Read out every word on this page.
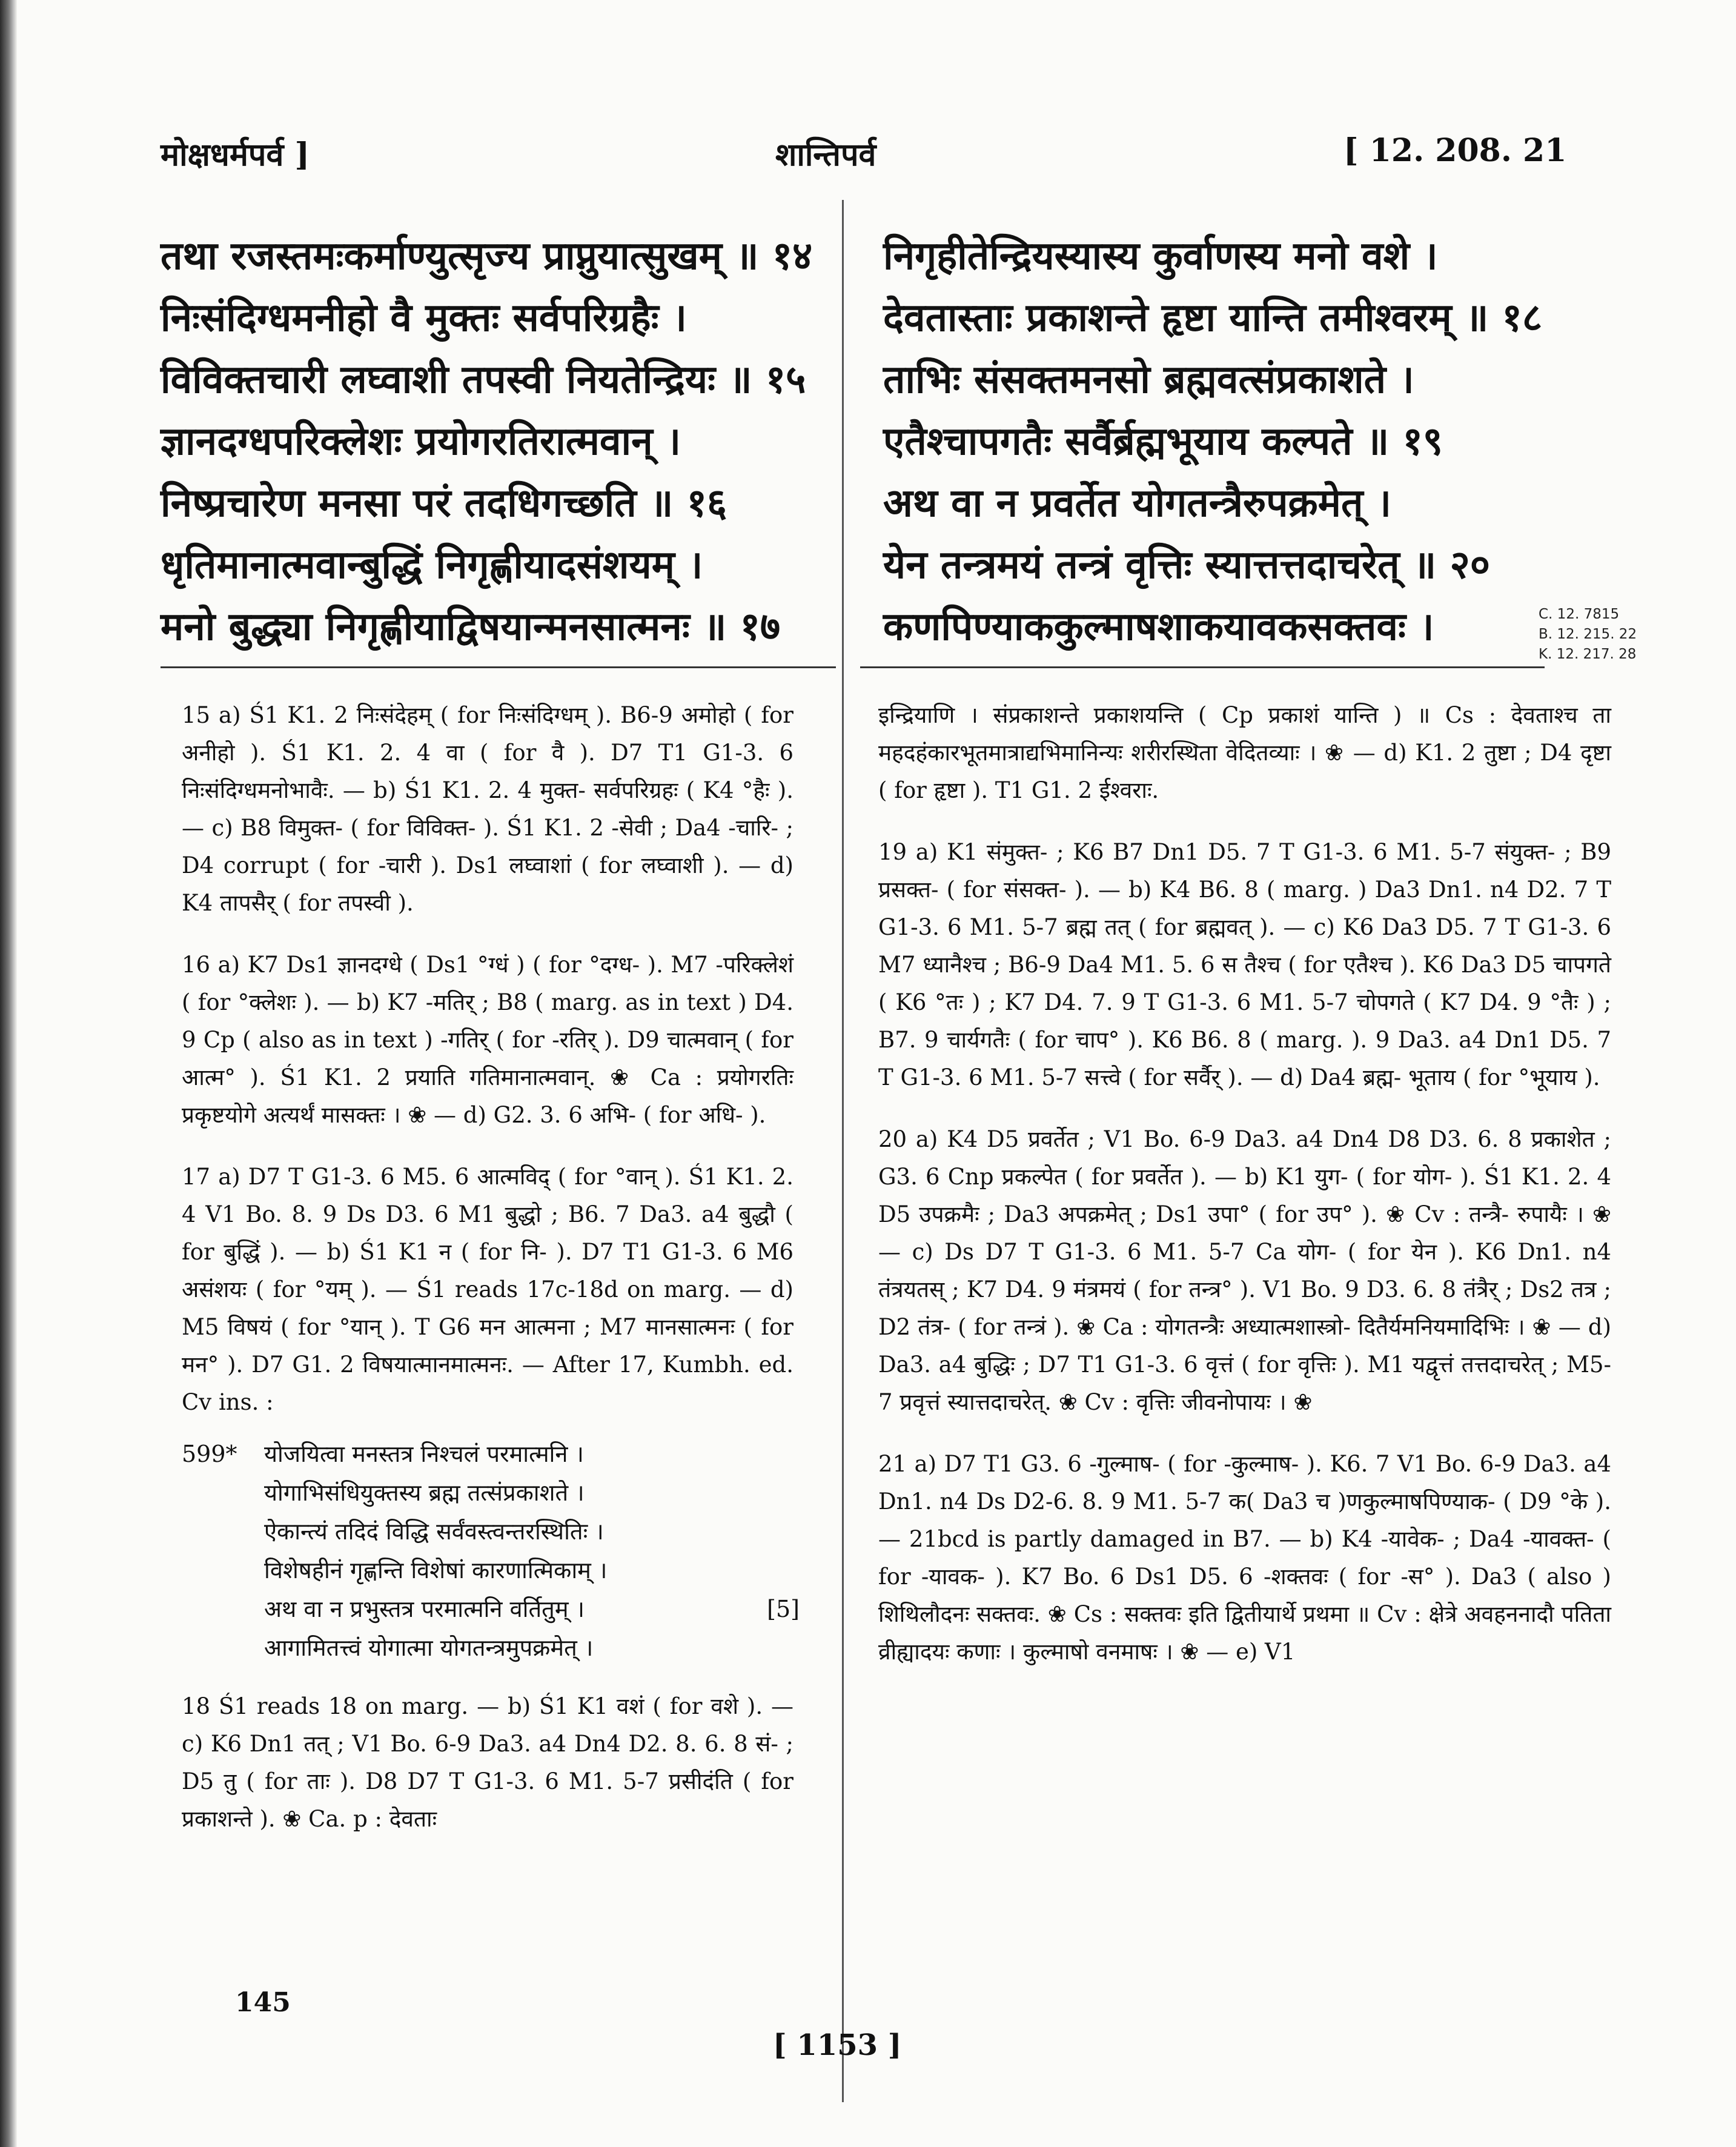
मोक्षधर्मपर्व ]	शान्तिपर्व	[ 12. 208. 21
तथा रजस्तमःकर्माण्युत्सृज्य प्राप्नुयात्सुखम् ॥ १४
निःसंदिग्धमनीहो वै मुक्तः सर्वपरिग्रहैः ।
विविक्तचारी लघ्वाशी तपस्वी नियतेन्द्रियः ॥ १५
ज्ञानदग्धपरिक्लेशः प्रयोगरतिरात्मवान् ।
निष्प्रचारेण मनसा परं तदधिगच्छति ॥ १६
धृतिमानात्मवान्बुद्धिं निगृह्णीयादसंशयम् ।
मनो बुद्ध्या निगृह्णीयाद्विषयान्मनसात्मनः ॥ १७
निगृहीतेन्द्रियस्यास्य कुर्वाणस्य मनो वशे ।
देवतास्ताः प्रकाशन्ते हृष्टा यान्ति तमीश्वरम् ॥ १८
ताभिः संसक्तमनसो ब्रह्मवत्संप्रकाशते ।
एतैश्चापगतैः सर्वैर्ब्रह्मभूयाय कल्पते ॥ १९
अथ वा न प्रवर्तेत योगतन्त्रैरुपक्रमेत् ।
येन तन्त्रमयं तन्त्रं वृत्तिः स्यात्तत्तदाचरेत् ॥ २०
कणपिण्याककुल्माषशाकयावकसक्तवः ।	C. 12. 7815
B. 12. 215. 22
K. 12. 217. 28
15 a) Ś1 K1. 2 निःसंदेहम् ( for निःसंदिग्धम् ). B6-9 अमोहो ( for अनीहो ). Ś1 K1. 2. 4 वा ( for वै ). D7 T1 G1-3. 6 निःसंदिग्धमनोभावैः. — b) Ś1 K1. 2. 4 मुक्त- सर्वपरिग्रहः ( K4 °हैः ). — c) B8 विमुक्त- ( for विविक्त- ). Ś1 K1. 2 -सेवी ; Da4 -चारि- ; D4 corrupt ( for -चारी ). Ds1 लघ्वाशां ( for लघ्वाशी ). — d) K4 तापसैर् ( for तपस्वी ).
16 a) K7 Ds1 ज्ञानदग्धे ( Ds1 °ग्धं ) ( for °दग्ध- ). M7 -परिक्लेशं ( for °क्लेशः ). — b) K7 -मतिर् ; B8 ( marg. as in text ) D4. 9 Cp ( also as in text ) -गतिर् ( for -रतिर् ). D9 चात्मवान् ( for आत्म° ). Ś1 K1. 2 प्रयाति गतिमानात्मवान्. ❀ Ca : प्रयोगरतिः प्रकृष्टयोगे अत्यर्थं मासक्तः । ❀ — d) G2. 3. 6 अभि- ( for अधि- ).
17 a) D7 T G1-3. 6 M5. 6 आत्मविद् ( for °वान् ). Ś1 K1. 2. 4 V1 Bo. 8. 9 Ds D3. 6 M1 बुद्धो ; B6. 7 Da3. a4 बुद्धौ ( for बुद्धिं ). — b) Ś1 K1 न ( for नि- ). D7 T1 G1-3. 6 M6 असंशयः ( for °यम् ). — Ś1 reads 17c-18d on marg. — d) M5 विषयं ( for °यान् ). T G6 मन आत्मना ; M7 मानसात्मनः ( for मन° ). D7 G1. 2 विषयात्मानमात्मनः. — After 17, Kumbh. ed. Cv ins. :
599* योजयित्वा मनस्तत्र निश्चलं परमात्मनि ।
योगाभिसंधियुक्तस्य ब्रह्म तत्संप्रकाशते ।
ऐकान्त्यं तदिदं विद्धि सर्वंवस्त्वन्तरस्थितिः ।
विशेषहीनं गृह्णन्ति विशेषां कारणात्मिकाम् ।
अथ वा न प्रभुस्तत्र परमात्मनि वर्तितुम् ।	[5]
आगामितत्त्वं योगात्मा योगतन्त्रमुपक्रमेत् ।
18 Ś1 reads 18 on marg. — b) Ś1 K1 वशं ( for वशे ). — c) K6 Dn1 तत् ; V1 Bo. 6-9 Da3. a4 Dn4 D2. 8. 6. 8 सं- ; D5 तु ( for ताः ). D8 D7 T G1-3. 6 M1. 5-7 प्रसीदंति ( for प्रकाशन्ते ). ❀ Ca. p : देवताः
इन्द्रियाणि । संप्रकाशन्ते प्रकाशयन्ति ( Cp प्रकाशं यान्ति ) ॥ Cs : देवताश्च ता महदहंकारभूतमात्राद्यभिमानिन्यः शरीरस्थिता वेदितव्याः । ❀ — d) K1. 2 तुष्टा ; D4 दृष्टा ( for हृष्टा ). T1 G1. 2 ईश्वराः.
19 a) K1 संमुक्त- ; K6 B7 Dn1 D5. 7 T G1-3. 6 M1. 5-7 संयुक्त- ; B9 प्रसक्त- ( for संसक्त- ). — b) K4 B6. 8 ( marg. ) Da3 Dn1. n4 D2. 7 T G1-3. 6 M1. 5-7 ब्रह्म तत् ( for ब्रह्मवत् ). — c) K6 Da3 D5. 7 T G1-3. 6 M7 ध्यानैश्च ; B6-9 Da4 M1. 5. 6 स तैश्च ( for एतैश्च ). K6 Da3 D5 चापगते ( K6 °तः ) ; K7 D4. 7. 9 T G1-3. 6 M1. 5-7 चोपगते ( K7 D4. 9 °तैः ) ; B7. 9 चार्यगतैः ( for चाप° ). K6 B6. 8 ( marg. ). 9 Da3. a4 Dn1 D5. 7 T G1-3. 6 M1. 5-7 सत्त्वे ( for सर्वैर् ). — d) Da4 ब्रह्म- भूताय ( for °भूयाय ).
20 a) K4 D5 प्रवर्तेत ; V1 Bo. 6-9 Da3. a4 Dn4 D8 D3. 6. 8 प्रकाशेत ; G3. 6 Cnp प्रकल्पेत ( for प्रवर्तेत ). — b) K1 युग- ( for योग- ). Ś1 K1. 2. 4 D5 उपक्रमैः ; Da3 अपक्रमेत् ; Ds1 उपा° ( for उप° ). ❀ Cv : तन्त्रै- रुपायैः । ❀ — c) Ds D7 T G1-3. 6 M1. 5-7 Ca योग- ( for येन ). K6 Dn1. n4 तंत्रयतस् ; K7 D4. 9 मंत्रमयं ( for तन्त्र° ). V1 Bo. 9 D3. 6. 8 तंत्रैर् ; Ds2 तत्र ; D2 तंत्र- ( for तन्त्रं ). ❀ Ca : योगतन्त्रैः अध्यात्मशास्त्रो- दितैर्यमनियमादिभिः । ❀ — d) Da3. a4 बुद्धिः ; D7 T1 G1-3. 6 वृत्तं ( for वृत्तिः ). M1 यद्वृत्तं तत्तदाचरेत् ; M5-7 प्रवृत्तं स्यात्तदाचरेत्. ❀ Cv : वृत्तिः जीवनोपायः । ❀
21 a) D7 T1 G3. 6 -गुल्माष- ( for -कुल्माष- ). K6. 7 V1 Bo. 6-9 Da3. a4 Dn1. n4 Ds D2-6. 8. 9 M1. 5-7 क( Da3 च )णकुल्माषपिण्याक- ( D9 °के ). — 21bcd is partly damaged in B7. — b) K4 -यावेक- ; Da4 -यावक्त- ( for -यावक- ). K7 Bo. 6 Ds1 D5. 6 -शक्तवः ( for -स° ). Da3 ( also ) शिथिलौदनः सक्तवः. ❀ Cs : सक्तवः इति द्वितीयार्थे प्रथमा ॥ Cv : क्षेत्रे अवहननादौ पतिता व्रीह्यादयः कणाः । कुल्माषो वनमाषः । ❀ — e) V1
145
[ 1153 ]
